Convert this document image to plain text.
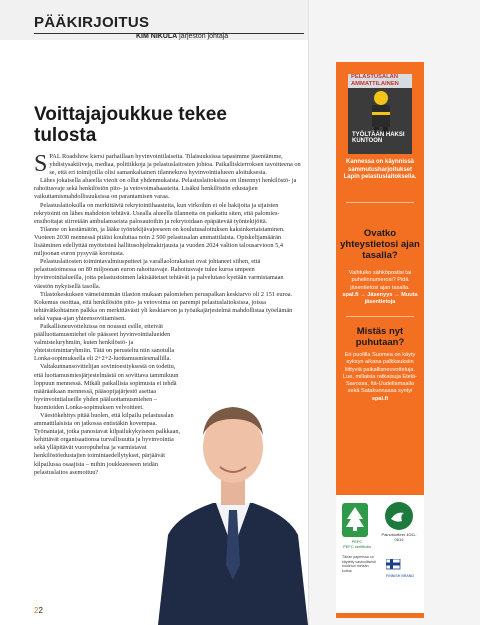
PÄÄKIRJOITUS
KIM NIKULA järjestön johtaja
Voittajajoukkue tekee tulosta

SPAL Roadshow kiersi parhaillaan hyvinvointilaiseita. Tilaisuuksissa tapasimme jäseniämme, yhdistysaktiiveja, mediaa, politiikkoja ja pelastuslaitosten johtoa. Paikalliskierroksen tavoitteena on se, että eri toimijoilla olisi samankaltainen tilannekuva hyvinvointialueen aloituksesta.

Lähes jokaisella alueella vieoit on ollut yhdenmukaista. Pelastuslaitoksissa on ilmennyt henkilöstö- ja rahoitusvaje sekä henkilöstön pito- ja vetovoimahaasteita. Lisäksi henkilöstön edustajien vaikuttamismahdollisuuksissa on parantamisen varaa.

Pelastuslaitoksilla on merkittäviä rekrytointihaasteita, kun virkoihin ei ole hakijoita ja sijaisten rekrytointi on lähes mahdoton tehtävä. Usealla alueella tilannetta on paikattu siten, että palomies-ensihoitajat siirretään ambulansseista palosautoihin ja rekrytoidaan epäpätevää työntekijöitä.

Tilanne on kestämätön, ja lääke työntekijävajeeseen on koulutusaloituksen kaksinkertaistaminen. Vuoteen 2030 mennessä pitäisi kouluttaa noin 2 500 pelastusalan ammattilaista. Opiskelijamäärän lisääminen edellyttää myöteisteä hallitusohjelmakirjausta ja vuoden 2024 valtion talousarvioon 5,4 miljoonan euron pysyvää korotusta.

Pelastuslaitosten toimintavalmiusputteet ja varallaolorakaisut ovat johtaneet siihen, että pelastustoimessa on 80 miljoonan euron rahoitusvaje. Rahoitusvaje tulee kuroa umpeen hyvinvointialueilla, jotta pelastustoimen lakisääteiset tehtävät ja palvelutaso kyetään varmistamaan väestön nykyisellä tasolla.

Tilastokeskuksen vämeisimmän tilaston mukaan palomiehen peruspalkan keskiarvo oli 2 151 euroa. Kokemus osoittaa, että henkilöstön pito- ja vetovoima on parempi pelastuslaitoksissa, joissa tehtävätkohtainen palkka on merkittävästi yli keskiarvon ja työaikajärjestelmä mahdollistaa työelämän sekä vapaa-ajan yhteensovittamisen.

Paikallisneuvotteluissa on noussut esille, etteivät päälluottamusmiehet ole päässeet hyvinvointialueiden valmisteluryhmiin, kuten henkilöstö- ja yhteistoimintaryhmiin. Tätä on perusteltu niin sanotulla Lonka-sopimuksella eli 2+2+2-luottamusmiesmallilla.

Valtakunnansovittelijan sovintoesityksestä on todettu, että luottamusmiesjärjestelmästä on sovittava tammikuun loppuun mennessä. Mikäli paikallista sopimusta ei tehdä määräaikaan mennessä, pääsopijajärjestö asettaa hyvinvointialueille yhden pääluottamusmiehen – huomioiden Lonka-sopimuksen velvoitteet.

Väestökehitys pitää huolen, että kilpailu pelastusalan ammattilaisista on jatkossa entistäkin kovempaa. Työnantajat, jotka panostavat kilpailukykyiseen palkkaan, kehittävät organisaationsa turvallisuutta ja hyvinvointia sekä ylläpitävät vuoropuhelua ja varmistavat henkilöstöedustajien toimintaedellytykset, pärjäävät kilpailussa osaajista – mihin joukkueeseen teidän pelastuslaitos asemoituu?

22
PELASTUSALAN AMMATTILAINEN
TYÖLTÄÄN HAKSI KUNTOON
Kannessa on käynnissä sammutusharjoitukset Lapin pelastuslaitoksella.
Ovatko yhteystietosi ajan tasalla?
Vaihtuiko sähköpostisi tai puhelinnumerosi? Pidä jäsentietosi ajan tasalla.
spal.fi → Jäsenyys → Muuta jäsentietoja
Mistäs nyt puhutaan?
Eri puolilla Suomea on käyty syksyn aikana palkkauksiin liittyviä paikallisneuvotteluja. Lue, millaisia ratkaisuja Etelä-Savossa, Itä-Uudellamaalla sekä Satakunnassa syntyi
spal.fi
PEFC
PEFC sertifioitu
Painotuotteet 4041-0619
Tähän paperissa on käytetty vastuullisesti hoidetun metsän kuitua
FINNISH BRAND
